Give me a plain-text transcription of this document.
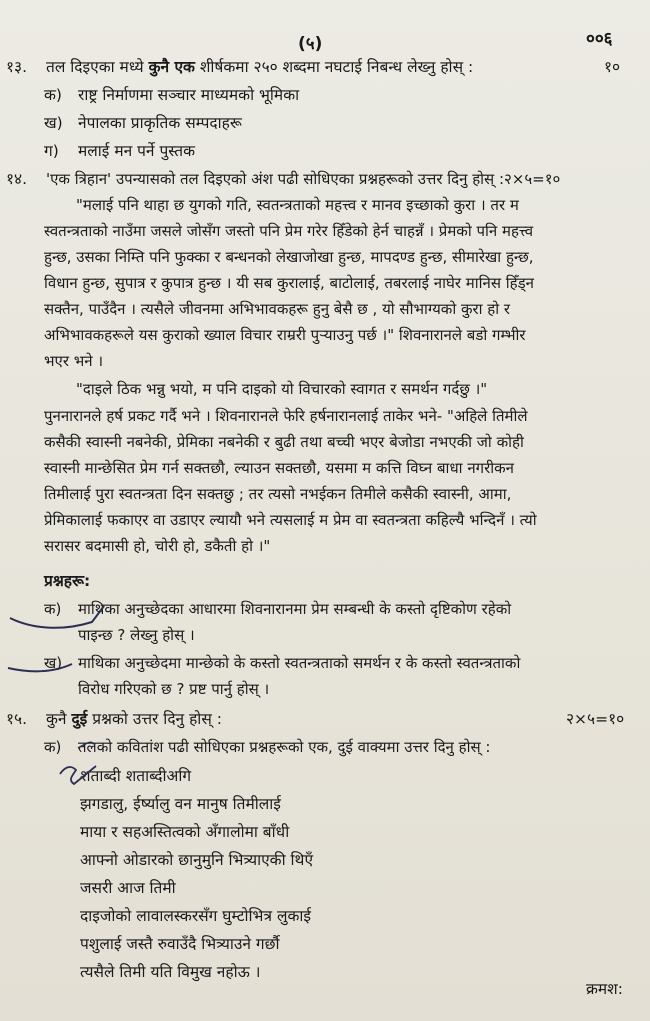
(५)	००६
१३. तल दिइएका मध्ये कुनै एक शीर्षकमा २५० शब्दमा नघटाई निबन्ध लेख्नु होस् :	१०
क) राष्ट्र निर्माणमा सञ्चार माध्यमको भूमिका
ख) नेपालका प्राकृतिक सम्पदाहरू
ग) मलाई मन पर्ने पुस्तक
१४. 'एक त्रिहान' उपन्यासको तल दिइएको अंश पढी सोधिएका प्रश्नहरूको उत्तर दिनु होस् :२×५=१०
"मलाई पनि थाहा छ युगको गति, स्वतन्त्रताको महत्त्व र मानव इच्छाको कुरा । तर म
स्वतन्त्रताको नाउँमा जसले जोसँग जस्तो पनि प्रेम गरेर हिँडेको हेर्न चाहन्नँ । प्रेमको पनि महत्त्व
हुन्छ, उसका निम्ति पनि फुक्का र बन्धनको लेखाजोखा हुन्छ, मापदण्ड हुन्छ, सीमारेखा हुन्छ,
विधान हुन्छ, सुपात्र र कुपात्र हुन्छ । यी सब कुरालाई, बाटोलाई, तबरलाई नाघेर मानिस हिँड्न
सक्तैन, पाउँदैन । त्यसैले जीवनमा अभिभावकहरू हुनु बेसै छ , यो सौभाग्यको कुरा हो र
अभिभावकहरूले यस कुराको ख्याल विचार राम्ररी पुऱ्याउनु पर्छ ।" शिवनारानले बडो गम्भीर
भएर भने ।
"दाइले ठिक भन्नु भयो, म पनि दाइको यो विचारको स्वागत र समर्थन गर्दछु ।"
पुननारानले हर्ष प्रकट गर्दै भने । शिवनारानले फेरि हर्षनारानलाई ताकेर भने- "अहिले तिमीले
कसैकी स्वास्नी नबनेकी, प्रेमिका नबनेकी र बुढी तथा बच्ची भएर बेजोडा नभएकी जो कोही
स्वास्नी मान्छेसित प्रेम गर्न सक्तछौ, ल्याउन सक्तछौ, यसमा म कत्ति विघ्न बाधा नगरीकन
तिमीलाई पुरा स्वतन्त्रता दिन सक्तछु ; तर त्यसो नभईकन तिमीले कसैकी स्वास्नी, आमा,
प्रेमिकालाई फकाएर वा उडाएर ल्यायौ भने त्यसलाई म प्रेम वा स्वतन्त्रता कहिल्यै भन्दिनँ । त्यो
सरासर बदमासी हो, चोरी हो, डकैती हो ।"
प्रश्नहरू:
क) माथिका अनुच्छेदका आधारमा शिवनारानमा प्रेम सम्बन्धी के कस्तो दृष्टिकोण रहेको
पाइन्छ ? लेख्नु होस् ।
ख) माथिका अनुच्छेदमा मान्छेको के कस्तो स्वतन्त्रताको समर्थन र के कस्तो स्वतन्त्रताको
विरोध गरिएको छ ? प्रष्ट पार्नु होस् ।
१५. कुनै दुई प्रश्नको उत्तर दिनु होस् :	२×५=१०
क) तलको कवितांश पढी सोधिएका प्रश्नहरूको एक, दुई वाक्यमा उत्तर दिनु होस् :
शताब्दी शताब्दीअगि
झगडालु, ईर्ष्यालु वन मानुष तिमीलाई
माया र सहअस्तित्वको अँगालोमा बाँधी
आफ्नो ओडारको छानुमुनि भित्र्याएकी थिएँ
जसरी आज तिमी
दाइजोको लावालस्करसँग घुम्टोभित्र लुकाई
पशुलाई जस्तै रुवाउँदै भित्र्याउने गर्छौ
त्यसैले तिमी यति विमुख नहोऊ ।
क्रमश:
